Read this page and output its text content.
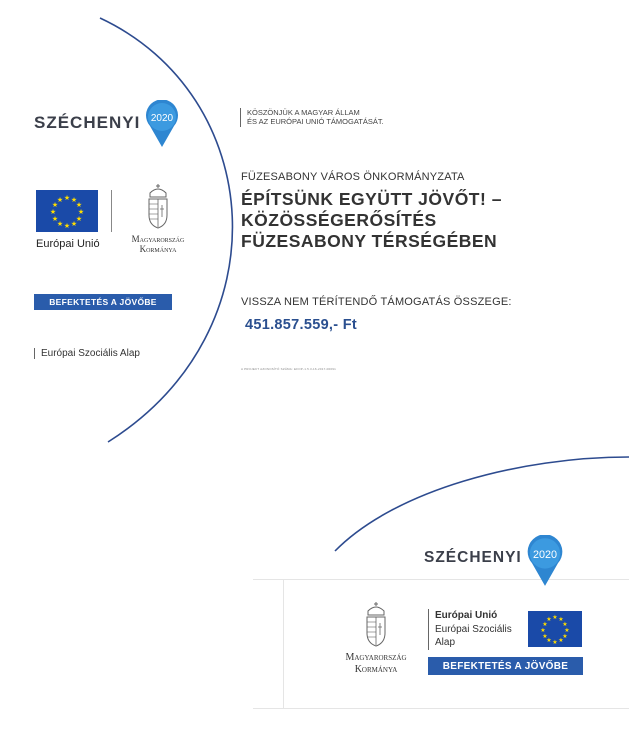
SZÉCHENYI 2020
★ ★
★
★
★
★
★
★
★
★
★
★
Európai Unió	Magyarország
Kormánya
BEFEKTETÉS A JÖVŐBE
Európai Szociális Alap
KÖSZÖNJÜK A MAGYAR ÁLLAM
ÉS AZ EURÓPAI UNIÓ TÁMOGATÁSÁT.
FÜZESABONY VÁROS ÖNKORMÁNYZATA
ÉPÍTSÜNK EGYÜTT JÖVŐT! –
KÖZÖSSÉGERŐSÍTÉS
FÜZESABONY TÉRSÉGÉBEN
VISSZA NEM TÉRÍTENDŐ TÁMOGATÁS ÖSSZEGE:
451.857.559,- Ft
A PROJEKT AZONOSÍTÓ SZÁMA: EFOP-1.5.3-16-2017-00091
SZÉCHENYI 2020
Magyarország
Kormánya
Európai Unió
Európai Szociális
Alap
★ ★
★
★
★
★
★
★
★
★
★
★
BEFEKTETÉS A JÖVŐBE
